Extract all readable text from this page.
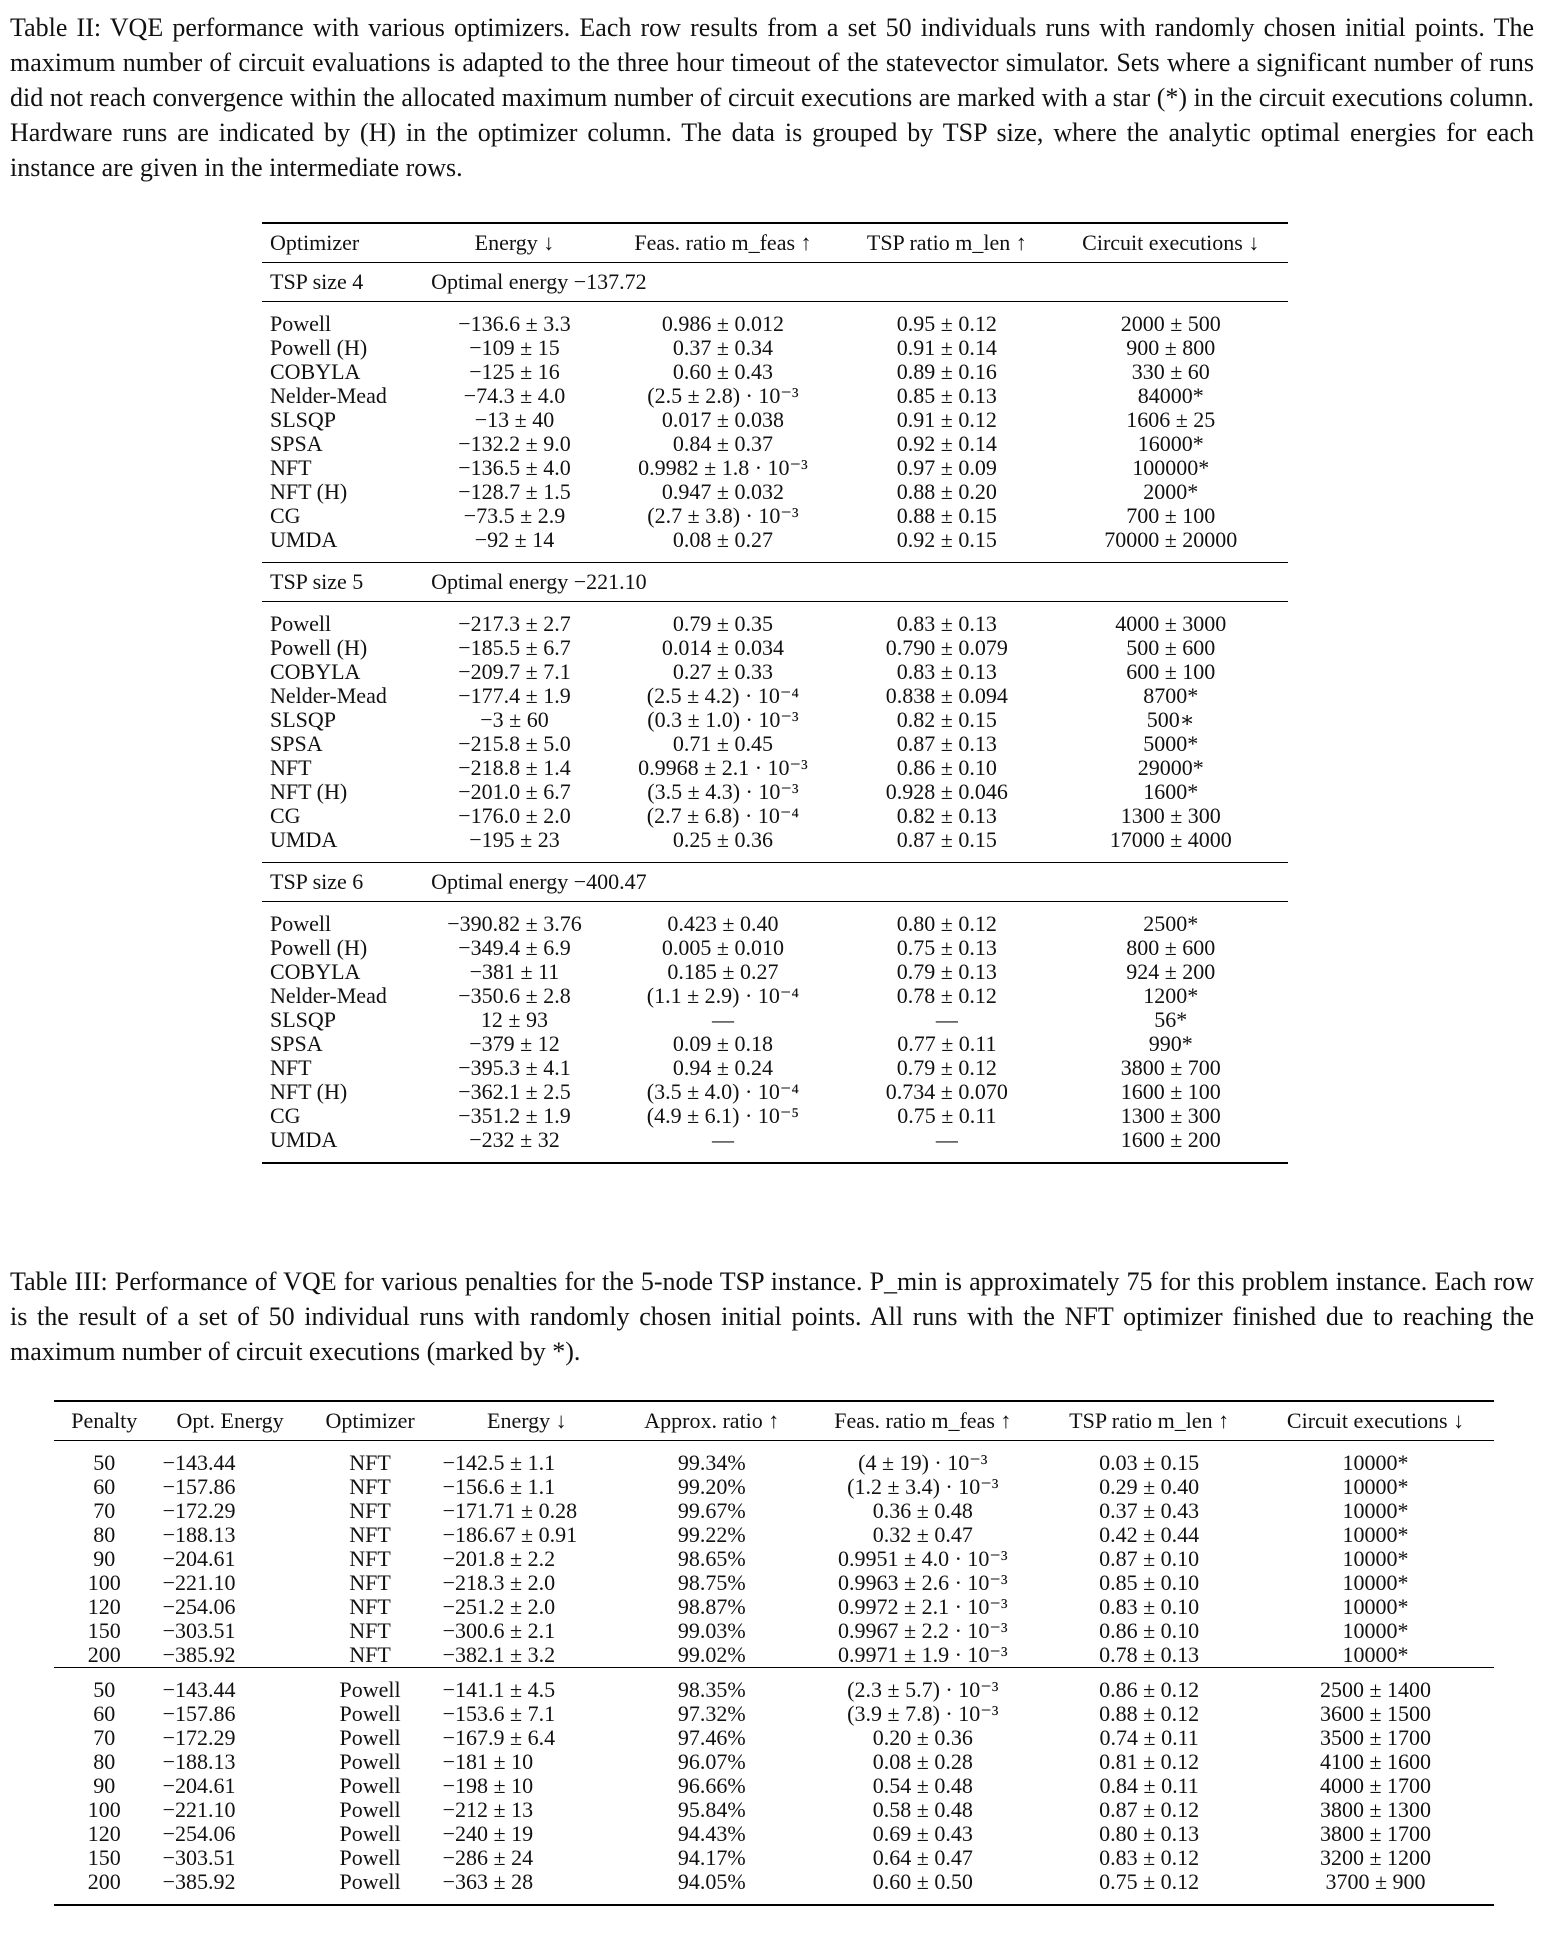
Table II: VQE performance with various optimizers. Each row results from a set 50 individuals runs with randomly chosen initial points. The maximum number of circuit evaluations is adapted to the three hour timeout of the statevector simulator. Sets where a significant number of runs did not reach convergence within the allocated maximum number of circuit executions are marked with a star (*) in the circuit executions column. Hardware runs are indicated by (H) in the optimizer column. The data is grouped by TSP size, where the analytic optimal energies for each instance are given in the intermediate rows.
Optimizer	Energy ↓	Feas. ratio m_feas ↑	TSP ratio m_len ↑	Circuit executions ↓
TSP size 4	Optimal energy −137.72			

Powell	−136.6 ± 3.3	0.986 ± 0.012	0.95 ± 0.12	2000 ± 500
Powell (H)	−109 ± 15	0.37 ± 0.34	0.91 ± 0.14	900 ± 800
COBYLA	−125 ± 16	0.60 ± 0.43	0.89 ± 0.16	330 ± 60
Nelder-Mead	−74.3 ± 4.0	(2.5 ± 2.8) · 10⁻³	0.85 ± 0.13	84000*
SLSQP	−13 ± 40	0.017 ± 0.038	0.91 ± 0.12	1606 ± 25
SPSA	−132.2 ± 9.0	0.84 ± 0.37	0.92 ± 0.14	16000*
NFT	−136.5 ± 4.0	0.9982 ± 1.8 · 10⁻³	0.97 ± 0.09	100000*
NFT (H)	−128.7 ± 1.5	0.947 ± 0.032	0.88 ± 0.20	2000*
CG	−73.5 ± 2.9	(2.7 ± 3.8) · 10⁻³	0.88 ± 0.15	700 ± 100
UMDA	−92 ± 14	0.08 ± 0.27	0.92 ± 0.15	70000 ± 20000

TSP size 5	Optimal energy −221.10			

Powell	−217.3 ± 2.7	0.79 ± 0.35	0.83 ± 0.13	4000 ± 3000
Powell (H)	−185.5 ± 6.7	0.014 ± 0.034	0.790 ± 0.079	500 ± 600
COBYLA	−209.7 ± 7.1	0.27 ± 0.33	0.83 ± 0.13	600 ± 100
Nelder-Mead	−177.4 ± 1.9	(2.5 ± 4.2) · 10⁻⁴	0.838 ± 0.094	8700*
SLSQP	−3 ± 60	(0.3 ± 1.0) · 10⁻³	0.82 ± 0.15	500∗
SPSA	−215.8 ± 5.0	0.71 ± 0.45	0.87 ± 0.13	5000*
NFT	−218.8 ± 1.4	0.9968 ± 2.1 · 10⁻³	0.86 ± 0.10	29000*
NFT (H)	−201.0 ± 6.7	(3.5 ± 4.3) · 10⁻³	0.928 ± 0.046	1600*
CG	−176.0 ± 2.0	(2.7 ± 6.8) · 10⁻⁴	0.82 ± 0.13	1300 ± 300
UMDA	−195 ± 23	0.25 ± 0.36	0.87 ± 0.15	17000 ± 4000

TSP size 6	Optimal energy −400.47			

Powell	−390.82 ± 3.76	0.423 ± 0.40	0.80 ± 0.12	2500*
Powell (H)	−349.4 ± 6.9	0.005 ± 0.010	0.75 ± 0.13	800 ± 600
COBYLA	−381 ± 11	0.185 ± 0.27	0.79 ± 0.13	924 ± 200
Nelder-Mead	−350.6 ± 2.8	(1.1 ± 2.9) · 10⁻⁴	0.78 ± 0.12	1200*
SLSQP	12 ± 93	—	—	56*
SPSA	−379 ± 12	0.09 ± 0.18	0.77 ± 0.11	990*
NFT	−395.3 ± 4.1	0.94 ± 0.24	0.79 ± 0.12	3800 ± 700
NFT (H)	−362.1 ± 2.5	(3.5 ± 4.0) · 10⁻⁴	0.734 ± 0.070	1600 ± 100
CG	−351.2 ± 1.9	(4.9 ± 6.1) · 10⁻⁵	0.75 ± 0.11	1300 ± 300
UMDA	−232 ± 32	—	—	1600 ± 200

Table III: Performance of VQE for various penalties for the 5-node TSP instance. P_min is approximately 75 for this problem instance. Each row is the result of a set of 50 individual runs with randomly chosen initial points. All runs with the NFT optimizer finished due to reaching the maximum number of circuit executions (marked by *).
Penalty	Opt. Energy	Optimizer	Energy ↓	Approx. ratio ↑	Feas. ratio m_feas ↑	TSP ratio m_len ↑	Circuit executions ↓

50	−143.44	NFT	−142.5 ± 1.1	99.34%	(4 ± 19) · 10⁻³	0.03 ± 0.15	10000*
60	−157.86	NFT	−156.6 ± 1.1	99.20%	(1.2 ± 3.4) · 10⁻³	0.29 ± 0.40	10000*
70	−172.29	NFT	−171.71 ± 0.28	99.67%	0.36 ± 0.48	0.37 ± 0.43	10000*
80	−188.13	NFT	−186.67 ± 0.91	99.22%	0.32 ± 0.47	0.42 ± 0.44	10000*
90	−204.61	NFT	−201.8 ± 2.2	98.65%	0.9951 ± 4.0 · 10⁻³	0.87 ± 0.10	10000*
100	−221.10	NFT	−218.3 ± 2.0	98.75%	0.9963 ± 2.6 · 10⁻³	0.85 ± 0.10	10000*
120	−254.06	NFT	−251.2 ± 2.0	98.87%	0.9972 ± 2.1 · 10⁻³	0.83 ± 0.10	10000*
150	−303.51	NFT	−300.6 ± 2.1	99.03%	0.9967 ± 2.2 · 10⁻³	0.86 ± 0.10	10000*
200	−385.92	NFT	−382.1 ± 3.2	99.02%	0.9971 ± 1.9 · 10⁻³	0.78 ± 0.13	10000*

50	−143.44	Powell	−141.1 ± 4.5	98.35%	(2.3 ± 5.7) · 10⁻³	0.86 ± 0.12	2500 ± 1400
60	−157.86	Powell	−153.6 ± 7.1	97.32%	(3.9 ± 7.8) · 10⁻³	0.88 ± 0.12	3600 ± 1500
70	−172.29	Powell	−167.9 ± 6.4	97.46%	0.20 ± 0.36	0.74 ± 0.11	3500 ± 1700
80	−188.13	Powell	−181 ± 10	96.07%	0.08 ± 0.28	0.81 ± 0.12	4100 ± 1600
90	−204.61	Powell	−198 ± 10	96.66%	0.54 ± 0.48	0.84 ± 0.11	4000 ± 1700
100	−221.10	Powell	−212 ± 13	95.84%	0.58 ± 0.48	0.87 ± 0.12	3800 ± 1300
120	−254.06	Powell	−240 ± 19	94.43%	0.69 ± 0.43	0.80 ± 0.13	3800 ± 1700
150	−303.51	Powell	−286 ± 24	94.17%	0.64 ± 0.47	0.83 ± 0.12	3200 ± 1200
200	−385.92	Powell	−363 ± 28	94.05%	0.60 ± 0.50	0.75 ± 0.12	3700 ± 900
